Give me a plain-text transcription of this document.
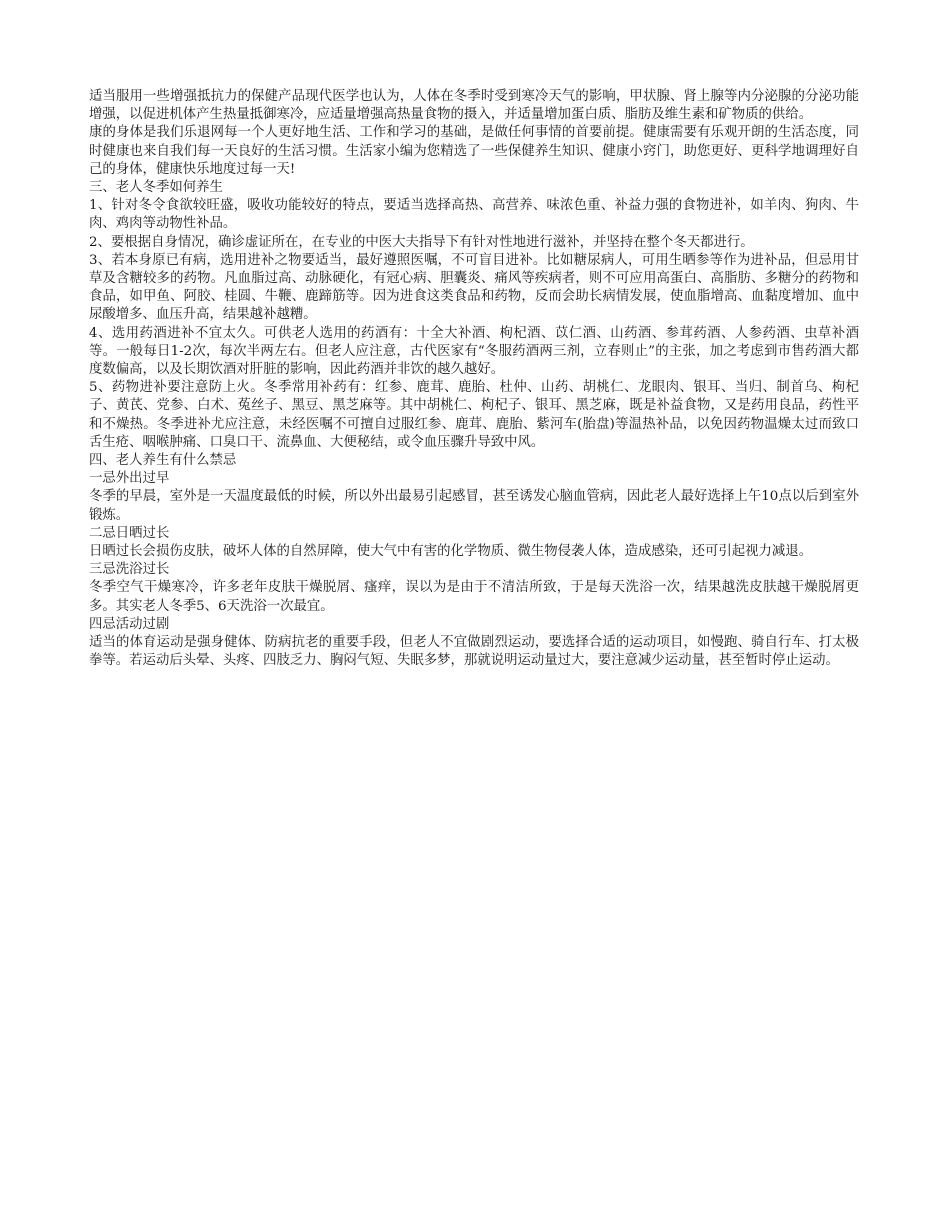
适当服用一些增强抵抗力的保健产品现代医学也认为，人体在冬季时受到寒冷天气的影响，甲状腺、肾上腺等内分泌腺的分泌功能增强，以促进机体产生热量抵御寒冷，应适量增强高热量食物的摄入，并适量增加蛋白质、脂肪及维生素和矿物质的供给。

康的身体是我们乐退网每一个人更好地生活、工作和学习的基础，是做任何事情的首要前提。健康需要有乐观开朗的生活态度，同时健康也来自我们每一天良好的生活习惯。生活家小编为您精选了一些保健养生知识、健康小窍门，助您更好、更科学地调理好自己的身体，健康快乐地度过每一天!

三、老人冬季如何养生

1、针对冬令食欲较旺盛，吸收功能较好的特点，要适当选择高热、高营养、味浓色重、补益力强的食物进补，如羊肉、狗肉、牛肉、鸡肉等动物性补品。

2、要根据自身情况，确诊虚证所在，在专业的中医大夫指导下有针对性地进行滋补，并坚持在整个冬天都进行。

3、若本身原已有病，选用进补之物要适当，最好遵照医嘱，不可盲目进补。比如糖尿病人，可用生晒参等作为进补品，但忌用甘草及含糖较多的药物。凡血脂过高、动脉硬化，有冠心病、胆囊炎、痛风等疾病者，则不可应用高蛋白、高脂肪、多糖分的药物和食品，如甲鱼、阿胶、桂圆、牛鞭、鹿蹄筋等。因为进食这类食品和药物，反而会助长病情发展，使血脂增高、血黏度增加、血中尿酸增多、血压升高，结果越补越糟。

4、选用药酒进补不宜太久。可供老人选用的药酒有：十全大补酒、枸杞酒、苡仁酒、山药酒、参茸药酒、人参药酒、虫草补酒等。一般每日1-2次，每次半两左右。但老人应注意，古代医家有“冬服药酒两三剂，立春则止”的主张，加之考虑到市售药酒大都度数偏高，以及长期饮酒对肝脏的影响，因此药酒并非饮的越久越好。

5、药物进补要注意防上火。冬季常用补药有：红参、鹿茸、鹿胎、杜仲、山药、胡桃仁、龙眼肉、银耳、当归、制首乌、枸杞子、黄芪、党参、白术、菟丝子、黑豆、黑芝麻等。其中胡桃仁、枸杞子、银耳、黑芝麻，既是补益食物，又是药用良品，药性平和不燥热。冬季进补尤应注意，未经医嘱不可擅自过服红参、鹿茸、鹿胎、紫河车(胎盘)等温热补品，以免因药物温燥太过而致口舌生疮、咽喉肿痛、口臭口干、流鼻血、大便秘结，或令血压骤升导致中风。

四、老人养生有什么禁忌

一忌外出过早

冬季的早晨，室外是一天温度最低的时候，所以外出最易引起感冒，甚至诱发心脑血管病，因此老人最好选择上午10点以后到室外锻炼。

二忌日晒过长

日晒过长会损伤皮肤，破坏人体的自然屏障，使大气中有害的化学物质、微生物侵袭人体，造成感染，还可引起视力减退。

三忌洗浴过长

冬季空气干燥寒冷，许多老年皮肤干燥脱屑、瘙痒，误以为是由于不清洁所致，于是每天洗浴一次，结果越洗皮肤越干燥脱屑更多。其实老人冬季5、6天洗浴一次最宜。

四忌活动过剧

适当的体育运动是强身健体、防病抗老的重要手段，但老人不宜做剧烈运动，要选择合适的运动项目，如慢跑、骑自行车、打太极拳等。若运动后头晕、头疼、四肢乏力、胸闷气短、失眠多梦，那就说明运动量过大，要注意减少运动量，甚至暂时停止运动。
